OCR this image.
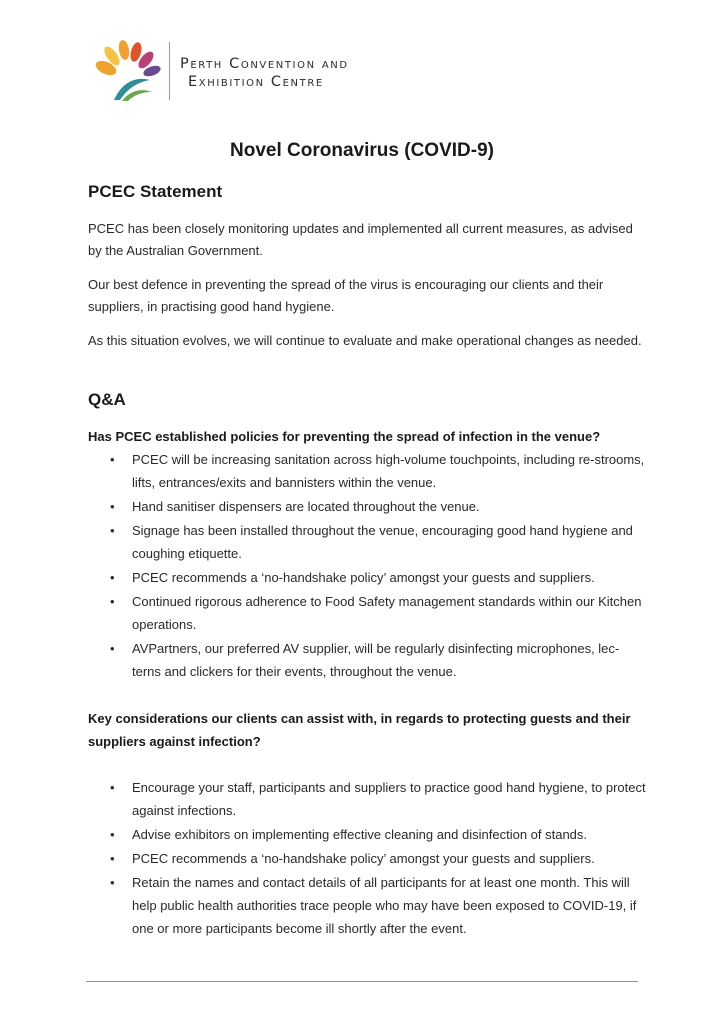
Perth Convention and
Exhibition Centre
Novel Coronavirus (COVID-9)
PCEC Statement
PCEC has been closely monitoring updates and implemented all current measures, as advised by the Australian Government.
Our best defence in preventing the spread of the virus is encouraging our clients and their suppliers, in practising good hand hygiene.
As this situation evolves, we will continue to evaluate and make operational changes as needed.
Q&A
Has PCEC established policies for preventing the spread of infection in the venue?
• PCEC will be increasing sanitation across high-volume touchpoints, including re-strooms, lifts, entrances/exits and bannisters within the venue.
• Hand sanitiser dispensers are located throughout the venue.
• Signage has been installed throughout the venue, encouraging good hand hygiene and coughing etiquette.
• PCEC recommends a ‘no-handshake policy’ amongst your guests and suppliers.
• Continued rigorous adherence to Food Safety management standards within our Kitchen operations.
• AVPartners, our preferred AV supplier, will be regularly disinfecting microphones, lec-terns and clickers for their events, throughout the venue.
Key considerations our clients can assist with, in regards to protecting guests and their suppliers against infection?
• Encourage your staff, participants and suppliers to practice good hand hygiene, to protect against infections.
• Advise exhibitors on implementing effective cleaning and disinfection of stands.
• PCEC recommends a ‘no-handshake policy’ amongst your guests and suppliers.
• Retain the names and contact details of all participants for at least one month. This will help public health authorities trace people who may have been exposed to COVID-19, if one or more participants become ill shortly after the event.
